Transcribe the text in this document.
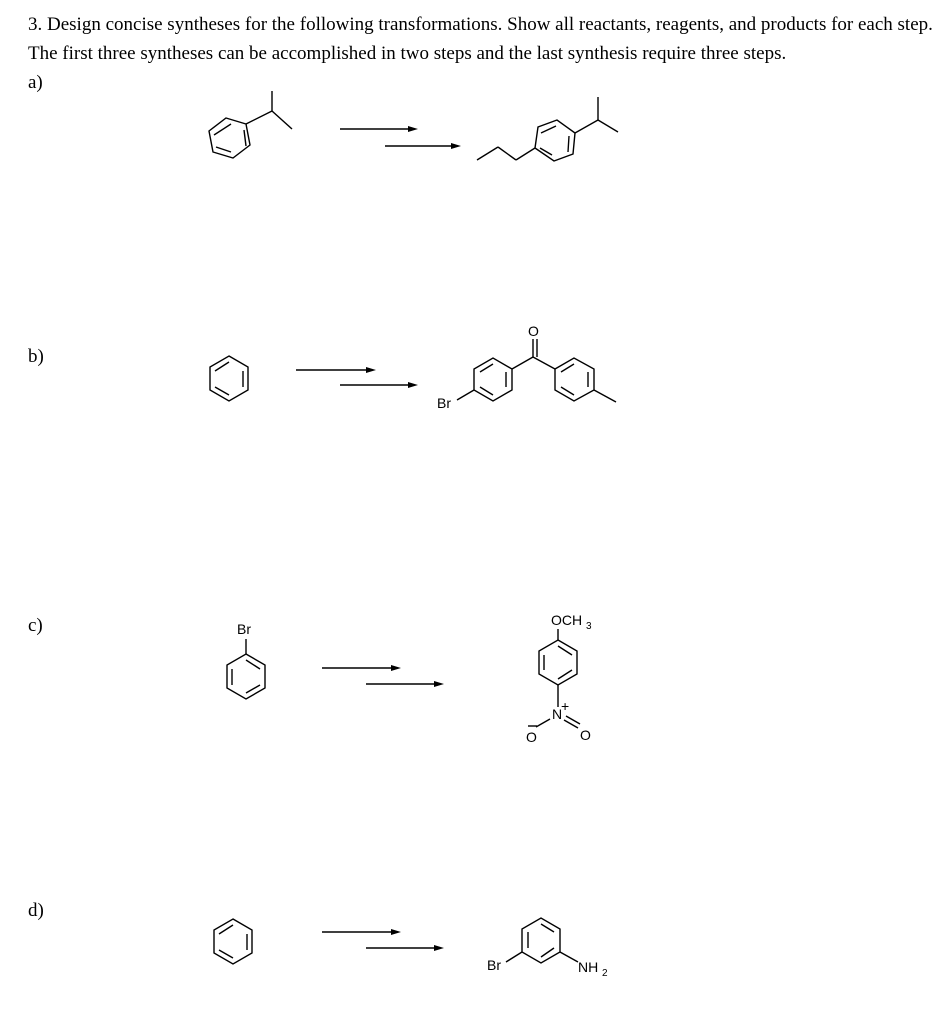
3. Design concise syntheses for the following transformations. Show all reactants, reagents, and products for each step. The first three syntheses can be accomplished in two steps and the last synthesis require three steps.

a)

b)

c)

d)

Br
O
Br
OCH 3
N
+
O
O
Br	NH 2
